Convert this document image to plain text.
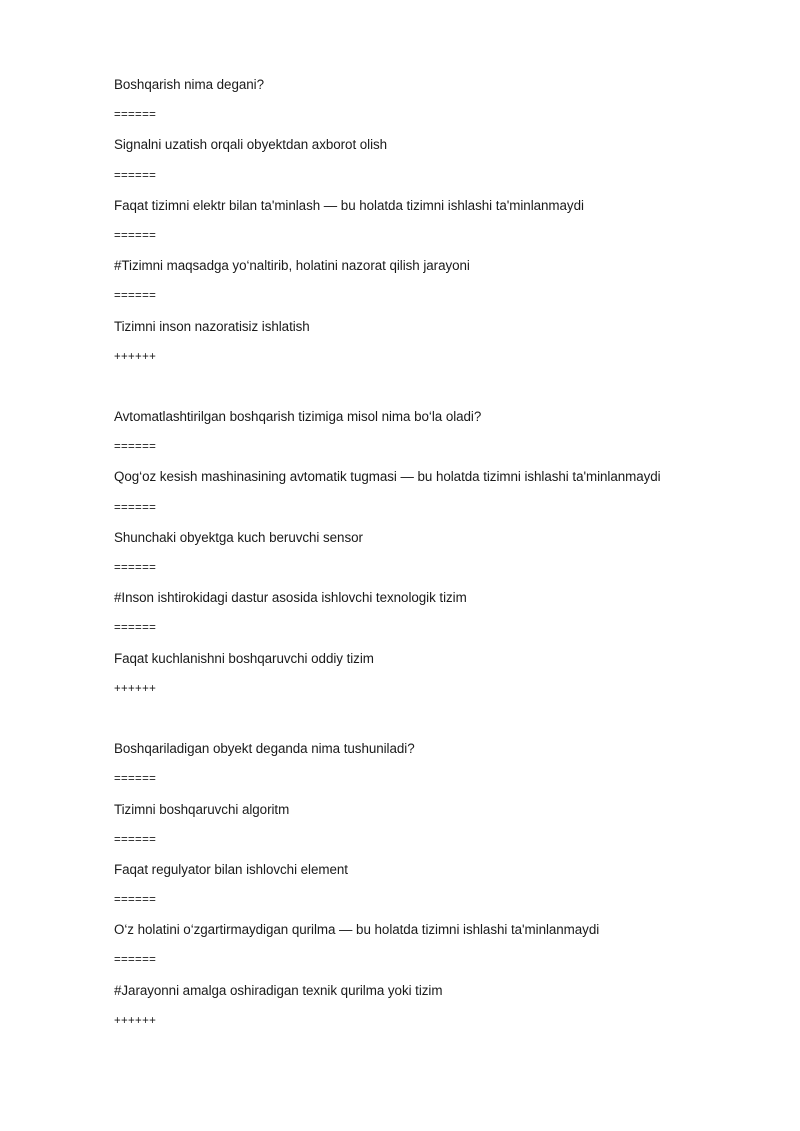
Boshqarish nima degani?
======
Signalni uzatish orqali obyektdan axborot olish
======
Faqat tizimni elektr bilan ta'minlash — bu holatda tizimni ishlashi ta'minlanmaydi
======
#Tizimni maqsadga yo‘naltirib, holatini nazorat qilish jarayoni
======
Tizimni inson nazoratisiz ishlatish
++++++
Avtomatlashtirilgan boshqarish tizimiga misol nima bo‘la oladi?
======
Qog‘oz kesish mashinasining avtomatik tugmasi — bu holatda tizimni ishlashi ta'minlanmaydi
======
Shunchaki obyektga kuch beruvchi sensor
======
#Inson ishtirokidagi dastur asosida ishlovchi texnologik tizim
======
Faqat kuchlanishni boshqaruvchi oddiy tizim
++++++
Boshqariladigan obyekt deganda nima tushuniladi?
======
Tizimni boshqaruvchi algoritm
======
Faqat regulyator bilan ishlovchi element
======
O‘z holatini o‘zgartirmaydigan qurilma — bu holatda tizimni ishlashi ta'minlanmaydi
======
#Jarayonni amalga oshiradigan texnik qurilma yoki tizim
++++++
